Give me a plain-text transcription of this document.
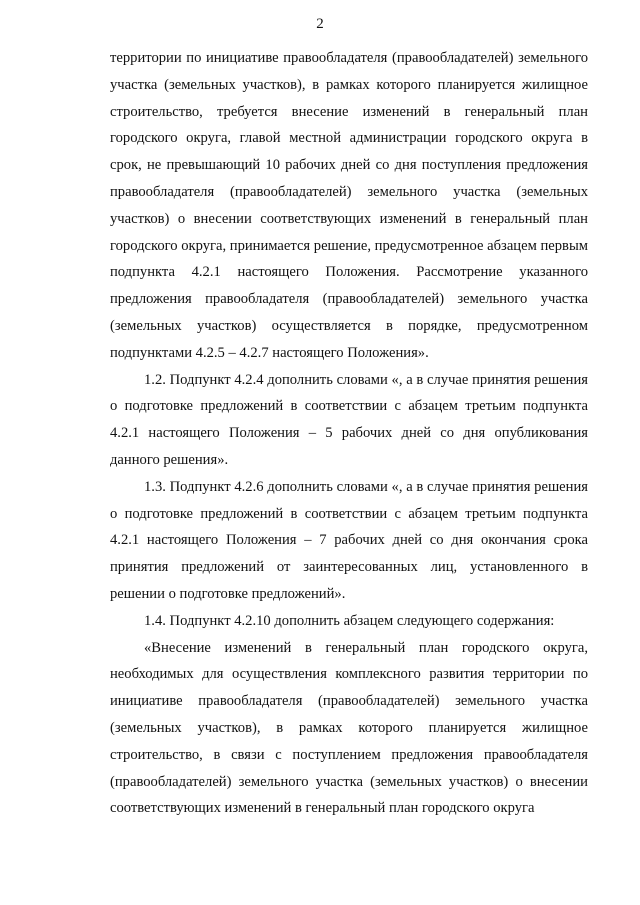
2

территории по инициативе правообладателя (правообладателей) земельного участка (земельных участков), в рамках которого планируется жилищное строительство, требуется внесение изменений в генеральный план городского округа, главой местной администрации городского округа в срок, не превышающий 10 рабочих дней со дня поступления предложения правообладателя (правообладателей) земельного участка (земельных участков) о внесении соответствующих изменений в генеральный план городского округа, принимается решение, предусмотренное абзацем первым подпункта 4.2.1 настоящего Положения. Рассмотрение указанного предложения правообладателя (правообладателей) земельного участка (земельных участков) осуществляется в порядке, предусмотренном подпунктами 4.2.5 – 4.2.7 настоящего Положения».

1.2. Подпункт 4.2.4 дополнить словами «, а в случае принятия решения о подготовке предложений в соответствии с абзацем третьим подпункта 4.2.1 настоящего Положения – 5 рабочих дней со дня опубликования данного решения».

1.3. Подпункт 4.2.6 дополнить словами «, а в случае принятия решения о подготовке предложений в соответствии с абзацем третьим подпункта 4.2.1 настоящего Положения – 7 рабочих дней со дня окончания срока принятия предложений от заинтересованных лиц, установленного в решении о подготовке предложений».

1.4. Подпункт 4.2.10 дополнить абзацем следующего содержания:

«Внесение изменений в генеральный план городского округа, необходимых для осуществления комплексного развития территории по инициативе правообладателя (правообладателей) земельного участка (земельных участков), в рамках которого планируется жилищное строительство, в связи с поступлением предложения правообладателя (правообладателей) земельного участка (земельных участков) о внесении соответствующих изменений в генеральный план городского округа
